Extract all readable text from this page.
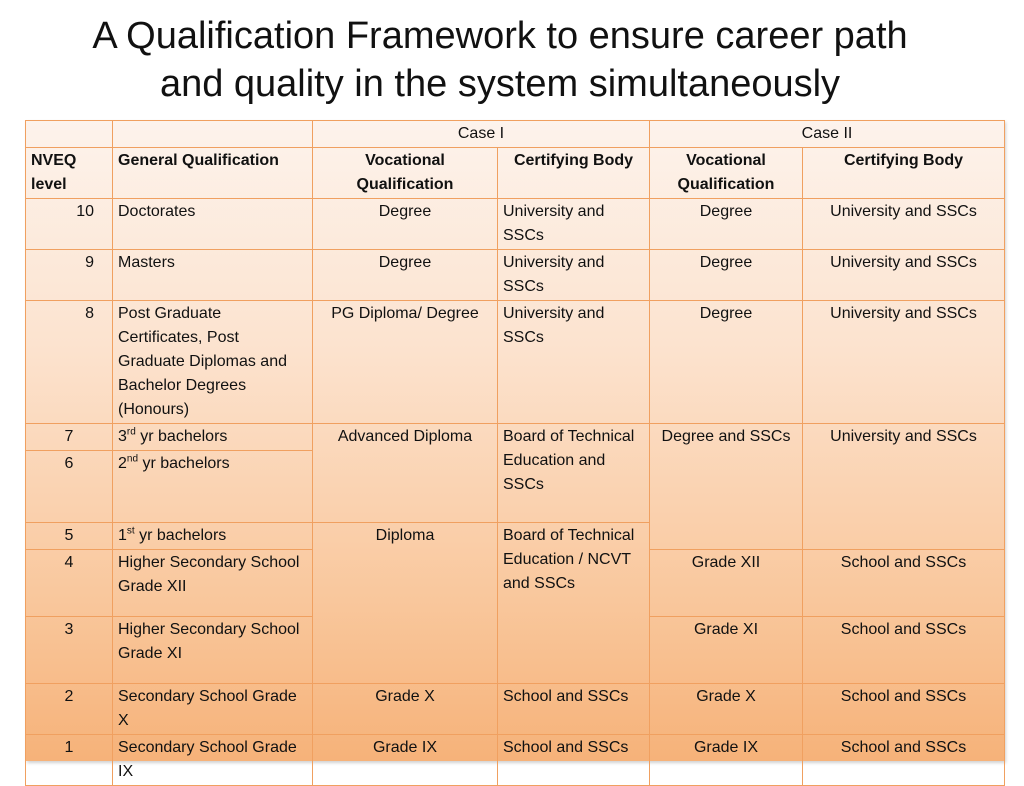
A Qualification Framework to ensure career path
and quality in the system simultaneously
		Case I		Case II	
NVEQ level	General Qualification	Vocational Qualification	Certifying Body	Vocational Qualification	Certifying Body
10	Doctorates	Degree	University and SSCs	Degree	University and SSCs
9	Masters	Degree	University and SSCs	Degree	University and SSCs
8	Post Graduate Certificates, Post Graduate Diplomas and Bachelor Degrees (Honours)	PG Diploma/ Degree	University and SSCs	Degree	University and SSCs
7	3rd yr bachelors	Advanced Diploma	Board of Technical Education and SSCs	Degree and SSCs	University and SSCs
6	2nd yr bachelors				
5	1st yr bachelors	Diploma	Board of Technical Education / NCVT and SSCs		
4	Higher Secondary School Grade XII			Grade XII	School and SSCs
3	Higher Secondary School Grade XI			Grade XI	School and SSCs
2	Secondary School Grade X	Grade X	School and SSCs	Grade X	School and SSCs
1	Secondary School Grade IX	Grade IX	School and SSCs	Grade IX	School and SSCs
